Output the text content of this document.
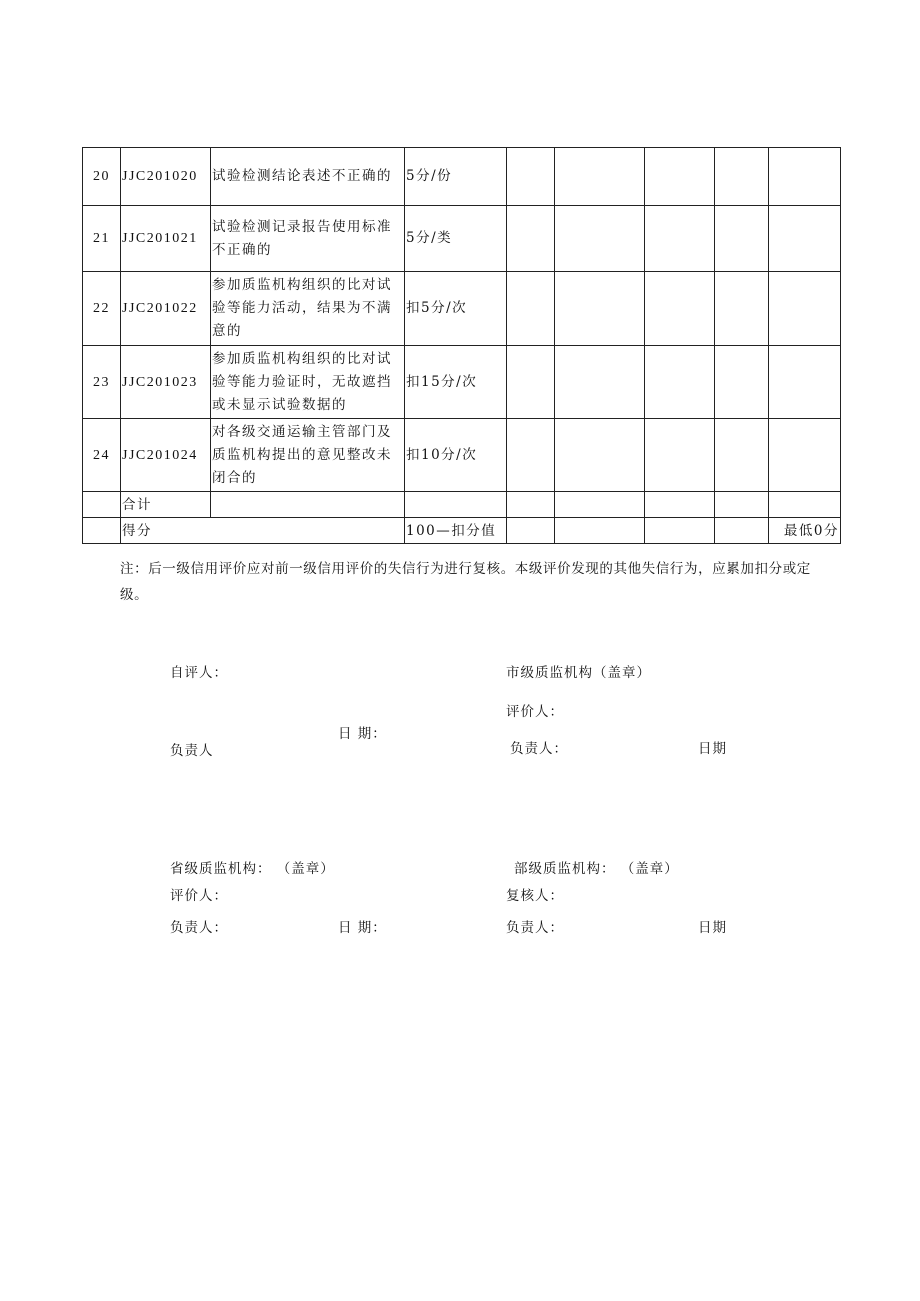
20	JJC201020	试验检测结论表述不正确的	5分/份					
21	JJC201021	试验检测记录报告使用标准不正确的	5分/类					
22	JJC201022	参加质监机构组织的比对试验等能力活动，结果为不满意的	扣5分/次					
23	JJC201023	参加质监机构组织的比对试验等能力验证时，无故遮挡或未显示试验数据的	扣15分/次					
24	JJC201024	对各级交通运输主管部门及质监机构提出的意见整改未闭合的	扣10分/次					
	合计							
	得分		100—扣分值					最低0分
注：后一级信用评价应对前一级信用评价的失信行为进行复核。本级评价发现的其他失信行为，应累加扣分或定级。
自评人：	市级质监机构（盖章）
评价人：
日 期：
负责人	负责人：	日期
省级质监机构： （盖章）	部级质监机构： （盖章）
评价人：	复核人：
负责人：	日 期：	负责人：	日期
